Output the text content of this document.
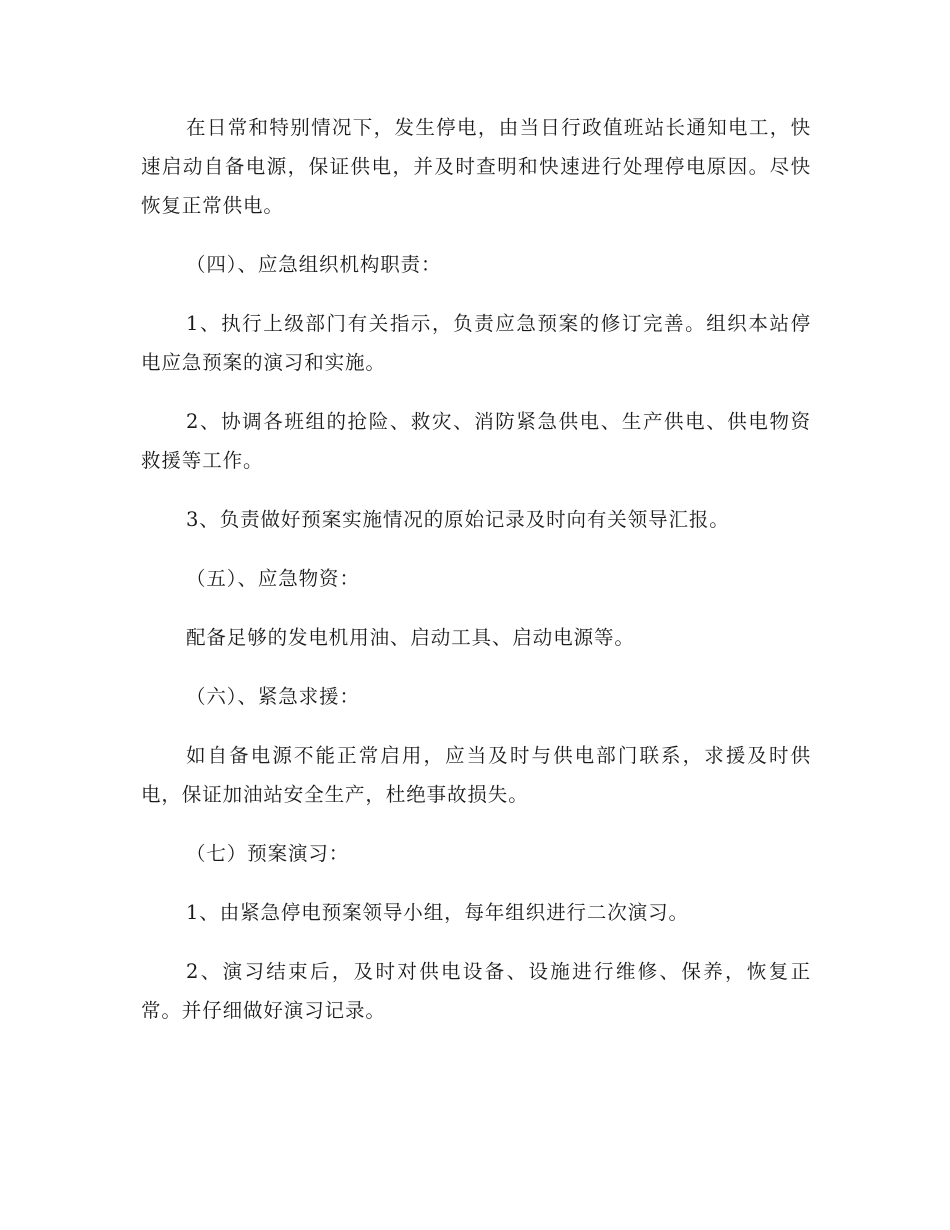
在日常和特别情况下，发生停电，由当日行政值班站长通知电工，快速启动自备电源，保证供电，并及时查明和快速进行处理停电原因。尽快恢复正常供电。

（四）、应急组织机构职责：

1、执行上级部门有关指示，负责应急预案的修订完善。组织本站停电应急预案的演习和实施。

2、协调各班组的抢险、救灾、消防紧急供电、生产供电、供电物资救援等工作。

3、负责做好预案实施情况的原始记录及时向有关领导汇报。

（五）、应急物资：

配备足够的发电机用油、启动工具、启动电源等。

（六）、紧急求援：

如自备电源不能正常启用，应当及时与供电部门联系，求援及时供电，保证加油站安全生产，杜绝事故损失。

（七）预案演习：

1、由紧急停电预案领导小组，每年组织进行二次演习。

2、演习结束后，及时对供电设备、设施进行维修、保养，恢复正常。并仔细做好演习记录。
